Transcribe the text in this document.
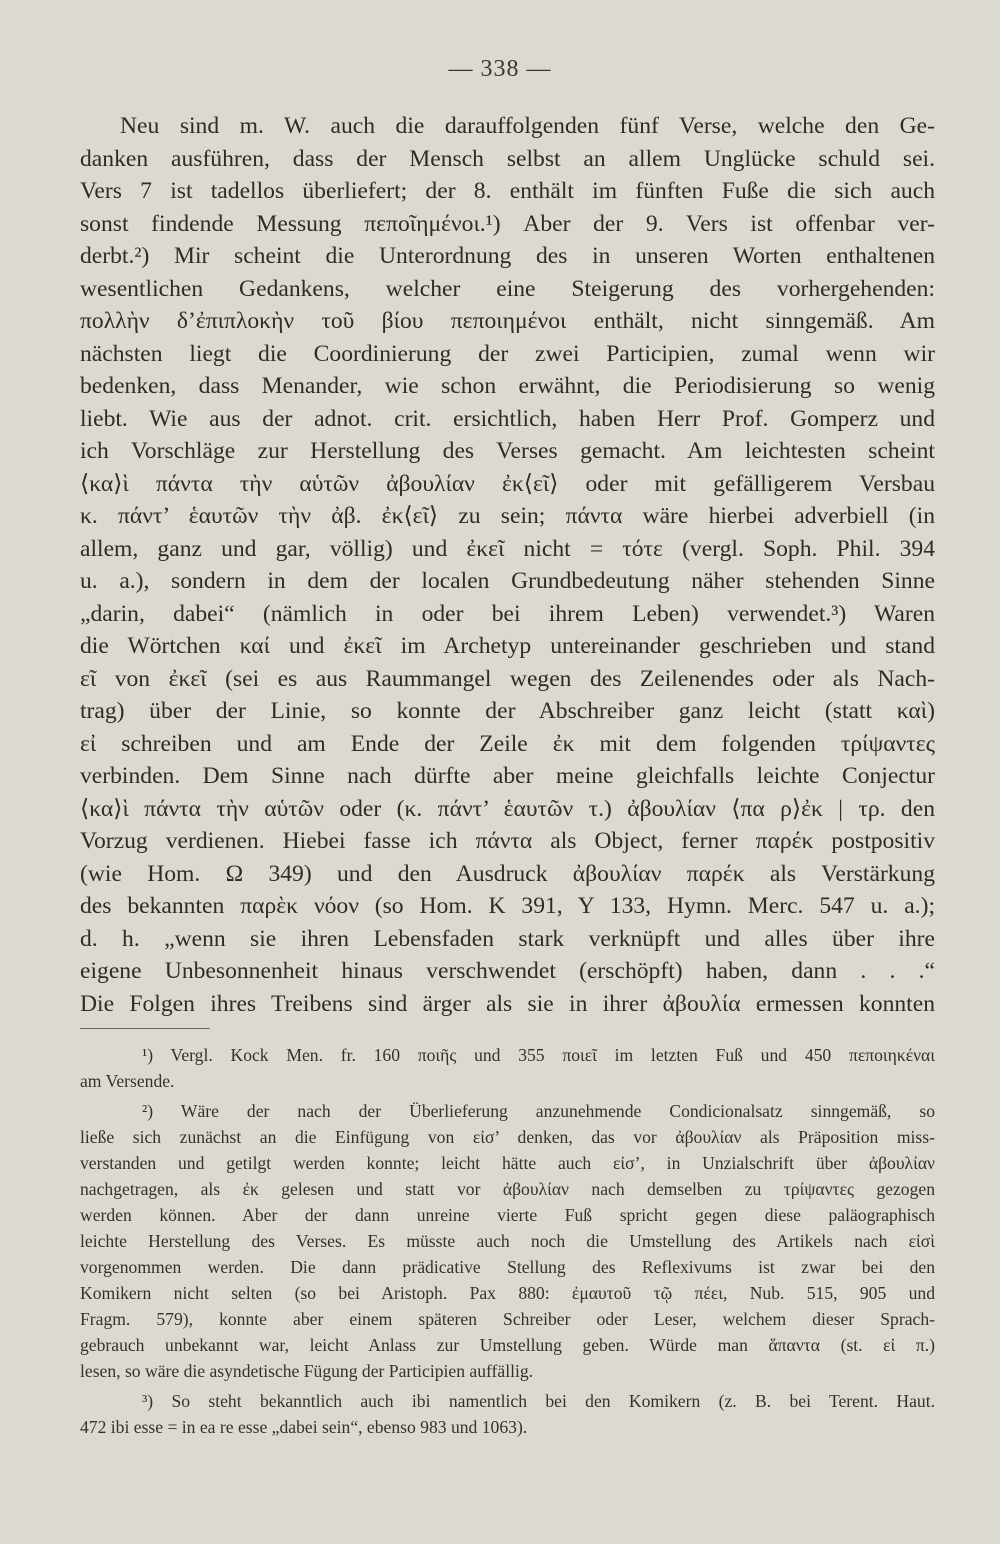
— 338 —
Neu sind m. W. auch die darauffolgenden fünf Verse, welche den Ge-
danken ausführen, dass der Mensch selbst an allem Unglücke schuld sei.
Vers 7 ist tadellos überliefert; der 8. enthält im fünften Fuße die sich auch
sonst findende Messung πεποῖημένοι.¹) Aber der 9. Vers ist offenbar ver-
derbt.²) Mir scheint die Unterordnung des in unseren Worten enthaltenen
wesentlichen Gedankens, welcher eine Steigerung des vorhergehenden:
πολλὴν δ’ἐπιπλοκὴν τοῦ βίου πεποιημένοι enthält, nicht sinngemäß. Am
nächsten liegt die Coordinierung der zwei Participien, zumal wenn wir
bedenken, dass Menander, wie schon erwähnt, die Periodisierung so wenig
liebt. Wie aus der adnot. crit. ersichtlich, haben Herr Prof. Gomperz und
ich Vorschläge zur Herstellung des Verses gemacht. Am leichtesten scheint
⟨κα⟩ὶ πάντα τὴν αὑτῶν ἀβουλίαν ἐκ⟨εῖ⟩ oder mit gefälligerem Versbau
κ. πάντ’ ἑαυτῶν τὴν ἀβ. ἐκ⟨εῖ⟩ zu sein; πάντα wäre hierbei adverbiell (in
allem, ganz und gar, völlig) und ἐκεῖ nicht = τότε (vergl. Soph. Phil. 394
u. a.), sondern in dem der localen Grundbedeutung näher stehenden Sinne
„darin, dabei“ (nämlich in oder bei ihrem Leben) verwendet.³) Waren
die Wörtchen καί und ἐκεῖ im Archetyp untereinander geschrieben und stand
εῖ von ἐκεῖ (sei es aus Raummangel wegen des Zeilenendes oder als Nach-
trag) über der Linie, so konnte der Abschreiber ganz leicht (statt καὶ)
εἰ schreiben und am Ende der Zeile ἐκ mit dem folgenden τρίψαντες
verbinden. Dem Sinne nach dürfte aber meine gleichfalls leichte Conjectur
⟨κα⟩ὶ πάντα τὴν αὑτῶν oder (κ. πάντ’ ἑαυτῶν τ.) ἀβουλίαν ⟨πα ρ⟩ἐκ | τρ. den
Vorzug verdienen. Hiebei fasse ich πάντα als Object, ferner παρέκ postpositiv
(wie Hom. Ω 349) und den Ausdruck ἀβουλίαν παρέκ als Verstärkung
des bekannten παρὲκ νόον (so Hom. K 391, Y 133, Hymn. Merc. 547 u. a.);
d. h. „wenn sie ihren Lebensfaden stark verknüpft und alles über ihre
eigene Unbesonnenheit hinaus verschwendet (erschöpft) haben, dann . . .“
Die Folgen ihres Treibens sind ärger als sie in ihrer ἀβουλία ermessen konnten
¹) Vergl. Kock Men. fr. 160 ποιῆς und 355 ποιεῖ im letzten Fuß und 450 πεποιηκέναι
am Versende.
²) Wäre der nach der Überlieferung anzunehmende Condicionalsatz sinngemäß, so
ließe sich zunächst an die Einfügung von εἰσ’ denken, das vor ἀβουλίαν als Präposition miss-
verstanden und getilgt werden konnte; leicht hätte auch εἰσ’, in Unzialschrift über ἀβουλίαν
nachgetragen, als ἐκ gelesen und statt vor ἀβουλίαν nach demselben zu τρίψαντες gezogen
werden können. Aber der dann unreine vierte Fuß spricht gegen diese paläographisch
leichte Herstellung des Verses. Es müsste auch noch die Umstellung des Artikels nach εἰσὶ
vorgenommen werden. Die dann prädicative Stellung des Reflexivums ist zwar bei den
Komikern nicht selten (so bei Aristoph. Pax 880: ἐμαυτοῦ τῷ πέει, Nub. 515, 905 und
Fragm. 579), konnte aber einem späteren Schreiber oder Leser, welchem dieser Sprach-
gebrauch unbekannt war, leicht Anlass zur Umstellung geben. Würde man ἅπαντα (st. εἰ π.)
lesen, so wäre die asyndetische Fügung der Participien auffällig.
³) So steht bekanntlich auch ibi namentlich bei den Komikern (z. B. bei Terent. Haut.
472 ibi esse = in ea re esse „dabei sein“, ebenso 983 und 1063).
